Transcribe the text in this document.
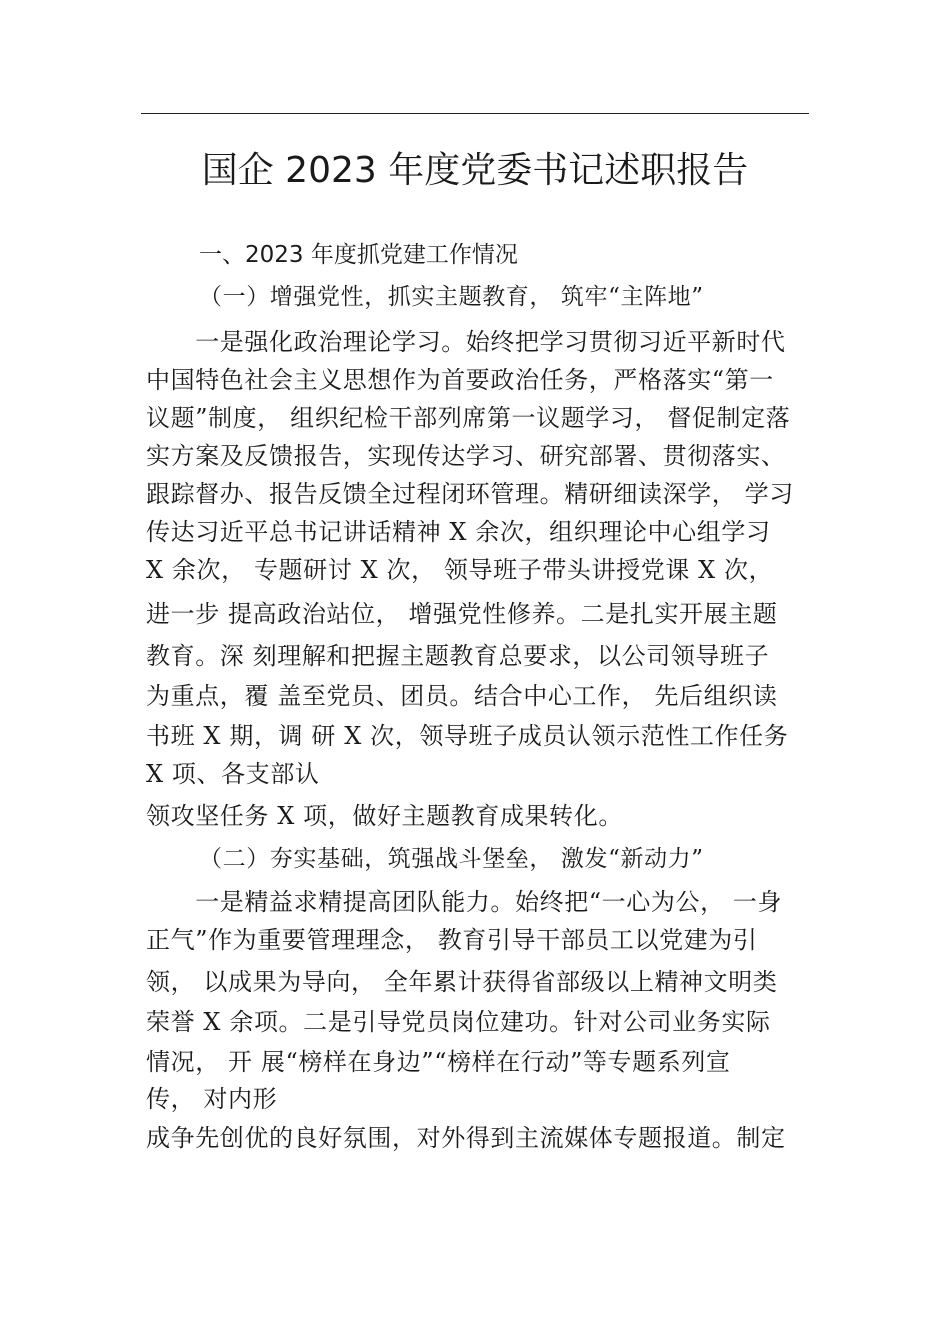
国企 2023 年度党委书记述职报告
一、2023 年度抓党建工作情况
（一）增强党性，抓实主题教育， 筑牢“主阵地”
　　一是强化政治理论学习。始终把学习贯彻习近平新时代
中国特色社会主义思想作为首要政治任务，严格落实“第一
议题”制度， 组织纪检干部列席第一议题学习， 督促制定落
实方案及反馈报告，实现传达学习、研究部署、贯彻落实、
跟踪督办、报告反馈全过程闭环管理。精研细读深学， 学习
传达习近平总书记讲话精神 X 余次，组织理论中心组学习
X 余次， 专题研讨 X 次， 领导班子带头讲授党课 X 次，
进一步 提高政治站位， 增强党性修养。二是扎实开展主题
教育。深 刻理解和把握主题教育总要求，以公司领导班子
为重点，覆 盖至党员、团员。结合中心工作， 先后组织读
书班 X 期，调 研 X 次，领导班子成员认领示范性工作任务
X 项、各支部认
领攻坚任务 X 项，做好主题教育成果转化。
（二）夯实基础，筑强战斗堡垒， 激发“新动力”
　　一是精益求精提高团队能力。始终把“一心为公， 一身
正气”作为重要管理理念， 教育引导干部员工以党建为引
领， 以成果为导向， 全年累计获得省部级以上精神文明类
荣誉 X 余项。二是引导党员岗位建功。针对公司业务实际
情况， 开 展“榜样在身边”“榜样在行动”等专题系列宣
传， 对内形
成争先创优的良好氛围，对外得到主流媒体专题报道。制定
